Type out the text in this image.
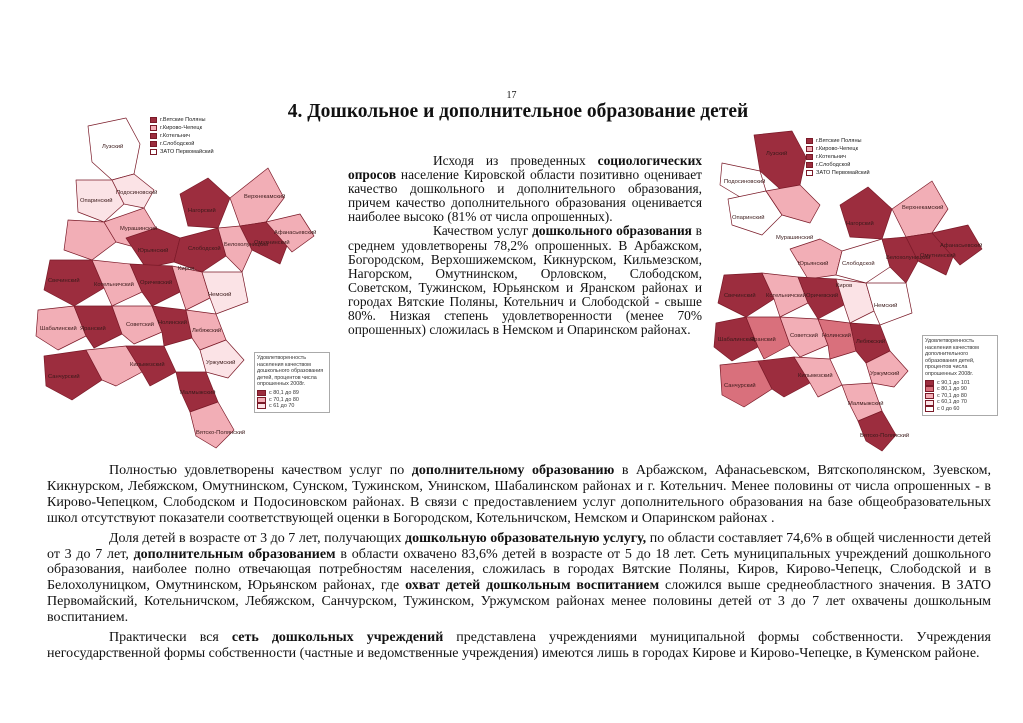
17
4. Дошкольное и дополнительное образование детей
Лузский
Опаринский
Подосиновский
Мурашинский
Нагорский
Юрьянский	Слободской
Белохолуницкий
Омутнинский
Афанасьевский
Верхнекамский
Киров
Оричевский
Котельничский
Свечинский
Шабалинский Яранский
Советский
Лебяжский
Нолинский
Немский
Уржумский
Малмыжский
Кильмезский
Санчурский
Вятско-Полянский
г.Вятские Поляны
г.Кирово-Чепецк
г.Котельнич
г.Слободской
ЗАТО Первомайский
Удовлетворенность населения качеством дошкольного образования детей, процентов числа опрошенных 2008г.
с 80,1 до 89
с 70,1 до 80
с 61 до 70
Лузский
Подосиновский
Опаринский
Мурашинский
Нагорский
Юрьянский Слободской
Белохолуницкий
Омутнинский
Афанасьевский
Верхнекамский
Киров
Оричевский
Котельничский
Свечинский
Шабалинский
Яранский
Советский
Лебяжский
Нолинский
Немский
Уржумский
Малмыжский
Кильмезский
Санчурский
Вятско-Полянский
г.Вятские Поляны
г.Кирово-Чепецк
г.Котельнич
г.Слободской
ЗАТО Первомайский
Удовлетворенность населения качеством дополнительного образования детей, процентов числа опрошенных 2008г.
с 90,1 до 101
с 80,1 до 90
с 70,1 до 80
с 60,1 до 70
с 0 до 60

Исходя из проведенных социологических опросов население Кировской области позитивно оценивает качество дошкольного и дополнительного образования, причем качество дополнительного образования оценивается наиболее высоко (81% от числа опрошенных).

Качеством услуг дошкольного образования в среднем удовлетворены 78,2% опрошенных. В Арбажском, Богородском, Верхошижемском, Кикнурском, Кильмезском, Нагорском, Омутнинском, Орловском, Слободском, Советском, Тужинском, Юрьянском и Яранском районах и городах Вятские Поляны, Котельнич и Слободской - свыше 80%. Низкая степень удовлетворенности (менее 70% опрошенных) сложилась в Немском и Опаринском районах.

Полностью удовлетворены качеством услуг по дополнительному образованию в Арбажском, Афанасьевском, Вятскополянском, Зуевском, Кикнурском, Лебяжском, Омутнинском, Сунском, Тужинском, Унинском, Шабалинском районах и г. Котельнич. Менее половины от числа опрошенных - в Кирово-Чепецком, Слободском и Подосиновском районах. В связи с предоставлением услуг дополнительного образования на базе общеобразовательных школ отсутствуют показатели соответствующей оценки в Богородском, Котельничском, Немском и Опаринском районах .

Доля детей в возрасте от 3 до 7 лет, получающих дошкольную образовательную услугу, по области составляет 74,6% в общей численности детей от 3 до 7 лет, дополнительным образованием в области охвачено 83,6% детей в возрасте от 5 до 18 лет. Сеть муниципальных учреждений дошкольного образования, наиболее полно отвечающая потребностям населения, сложилась в городах Вятские Поляны, Киров, Кирово-Чепецк, Слободской и в Белохолуницком, Омутнинском, Юрьянском районах, где охват детей дошкольным воспитанием сложился выше среднеобластного значения. В ЗАТО Первомайский, Котельничском, Лебяжском, Санчурском, Тужинском, Уржумском районах менее половины детей от 3 до 7 лет охвачены дошкольным воспитанием.

Практически вся сеть дошкольных учреждений представлена учреждениями муниципальной формы собственности. Учреждения негосударственной формы собственности (частные и ведомственные учреждения) имеются лишь в городах Кирове и Кирово-Чепецке, в Куменском районе.
